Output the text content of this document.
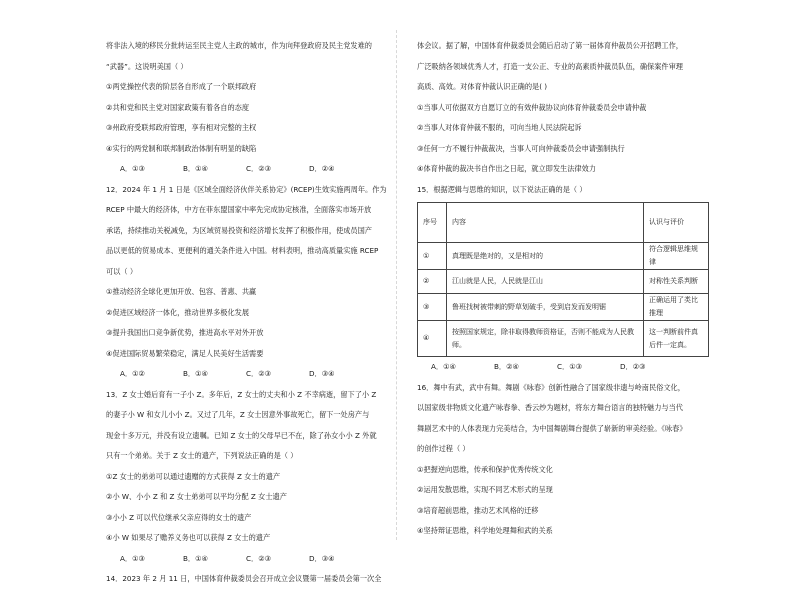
将非法入境的移民分批转运至民主党人主政的城市，作为向拜登政府及民主党发难的

“武器”。这说明美国（ ）

①两党操控代表的阶层各自形成了一个联邦政府

②共和党和民主党对国家政策有着各自的态度

③州政府受联邦政府管理，享有相对完整的主权

④实行的两党制和联邦制政治体制有明显的缺陷

A．①③	B．①④	C．②③	D．②④

12．2024 年 1 月 1 日是《区域全面经济伙伴关系协定》(RCEP)生效实施两周年。作为

RCEP 中最大的经济体，中方在菲东盟国家中率先完成协定核准，全面落实市场开放

承诺，持续推动关税减免，为区域贸易投资和经济增长发挥了积极作用，使成员国产

品以更低的贸易成本、更便利的通关条件进入中国。材料表明，推动高质量实施 RCEP

可以（ ）

①推动经济全球化更加开放、包容、普惠、共赢

②促进区域经济一体化，推动世界多极化发展

③提升我国出口竞争新优势，推进高水平对外开放

④促进国际贸易繁荣稳定，满足人民美好生活需要

A．①②	B．①④	C．②③	D．③④

13．Z 女士婚后育有一子小 Z。多年后，Z 女士的丈夫和小 Z 不幸病逝，留下了小 Z

的妻子小 W 和女儿小小 Z。又过了几年，Z 女士因意外事故死亡，留下一处房产与

现金十多万元，并没有设立遗嘱。已知 Z 女士的父母早已不在，除了孙女小小 Z 外就

只有一个弟弟。关于 Z 女士的遗产，下列说法正确的是（ ）

①Z 女士的弟弟可以通过遗赠的方式获得 Z 女士的遗产

②小 W、小小 Z 和 Z 女士弟弟可以平均分配 Z 女士遗产

③小小 Z 可以代位继承父亲应得的女士的遗产

④小 W 如果尽了赡养义务也可以获得 Z 女士的遗产

A．①③	B．①④	C．②③	D．③④

14．2023 年 2 月 11 日，中国体育仲裁委员会召开成立会议暨第一届委员会第一次全

体会议。据了解，中国体育仲裁委员会随后启动了第一届体育仲裁员公开招聘工作，

广泛吸纳各领域优秀人才，打造一支公正、专业的高素质仲裁员队伍，确保案件审理

高质、高效。对体育仲裁认识正确的是( )

①当事人可依据双方自愿订立的有效仲裁协议向体育仲裁委员会申请仲裁

②当事人对体育仲裁不服的，可向当地人民法院起诉

③任何一方不履行仲裁裁决，当事人可向仲裁委员会申请强制执行

④体育仲裁的裁决书自作出之日起，就立即发生法律效力

15．根据逻辑与思维的知识，以下说法正确的是（ ）

序号	内容	认识与评价
①	真理既是绝对的，又是相对的	符合逻辑思维规律
②	江山就是人民，人民就是江山	对称性关系判断
③	鲁班找树被带刺的野草划破手，受到启发而发明锯	正确运用了类比推理
④	按照国家规定，除非取得教师资格证，否则不能成为人民教师。	这一判断前件真后件一定真。
A．①④	B．②④	C．①③	D．②③

16．舞中有武，武中有舞。舞剧《咏春》创新性融合了国家级非遗与岭南民俗文化，

以国家级非物质文化遗产咏春拳、香云纱为题材，将东方舞台语言的独特魅力与当代

舞剧艺术中的人体表现力完美结合，为中国舞剧舞台提供了崭新的审美经验。《咏春》

的创作过程（ ）

①把握逆向思维，传承和保护优秀传统文化

②运用发散思维，实现不同艺术形式的呈现

③培育超前思维，推动艺术风格的迁移

④坚持辩证思维，科学地处理舞和武的关系
